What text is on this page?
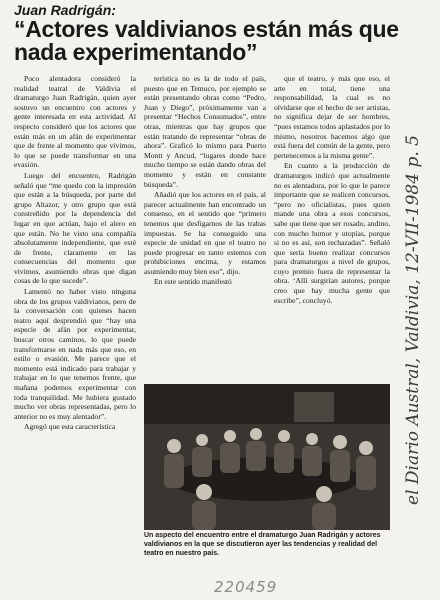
Juan Radrigán:
“Actores valdivianos están más que nada experimentando”

Poco alentadora consideró la realidad teatral de Valdivia el dramaturgo Juan Radrigán, quien ayer sostuvo un encuentro con actores y gente interesada en esta actividad. Al respecto consideró que los actores que están más en un afán de experimentar que de frente al momento que vivimos, lo que se puede transformar en una evasión.

Luego del encuentro, Radrigán señaló que “me quedo con la impresión que están a la búsqueda, por parte del grupo Altazor, y otro grupo que está constreñido por la dependencia del lugar en que actúan, bajo el alero en que están. No he visto una compañía absolutamente independiente, que esté de frente, claramente en las consecuencias del momento que vivimos, asumiendo obras que digan cosas de lo que sucede”.

Lamentó no haber visto ninguna obra de los grupos valdivianos, pero de la conversación con quienes hacen teatro aquí desprendió que “hay una especie de afán por experimentar, buscar otros caminos, lo que puede transformarse en nada más que eso, en estilo o evasión. Me parece que el momento está indicado para trabajar y trabajar en lo que tenemos frente, que mañana podemos experimentar con toda tranquilidad. Me hubiera gustado mucho ver obras representadas, pero lo anterior no es muy alentador”.

Agregó que esta característica

terística no es la de todo el país, puesto que en Temuco, por ejemplo se están presentando obras como “Pedro, Juan y Diego”, próximamente van a presentar “Hechos Consumados”, entre otras, mientras que hay grupos que están tratando de representar “obras de ahora”. Graficó lo mismo para Puerto Montt y Ancud, “lugares donde hace mucho tiempo se están dando obras del momento y están en constante búsqueda”.

Añadió que los actores en el país, al parecer actualmente han encontrado un consenso, en el sentido que “primero tenemos que desfigarnos de las trabas impuestas. Se ha conseguido una especie de unidad en que el teatro no puede progresar en tanto estemos con prohibiciones encima, y estamos asumiendo muy bien eso”, dijo.

En este sentido manifestó

que el teatro, y más que eso, el arte en total, tiene una responsabilidad, la cual es no olvidarse que el hecho de ser artistas, no significa dejar de ser hombres, “pues estamos todos aplastados por lo mismo, nosotros hacemos algo que está fuera del común de la gente, pero pertenecemos a la misma gente”.

En cuanto a la producción de dramaturgos indicó que actualmente no es alentadora, por lo que le parece importante que se realicen concursos, “pero no oficialistas, pues quien mande una obra a esos concursos, sabe que tiene que ser rosado, andino, con mucho humor y utopías, porque si no es así, son rechazadas”. Señaló que sería bueno realizar concursos para dramaturgos a nivel de grupos, cuyo premio fuera de representar la obra. ‘Allí surgirían autores, porque creo que hay mucha gente que escribe”, concluyó.

Un aspecto del encuentro entre el dramaturgo Juan Radrigán y actores valdivianos en la que se discutieron ayer las tendencias y realidad del teatro en nuestro país.
el Diario Austral, Valdivia, 12-VII-1984 p. 5
220459
